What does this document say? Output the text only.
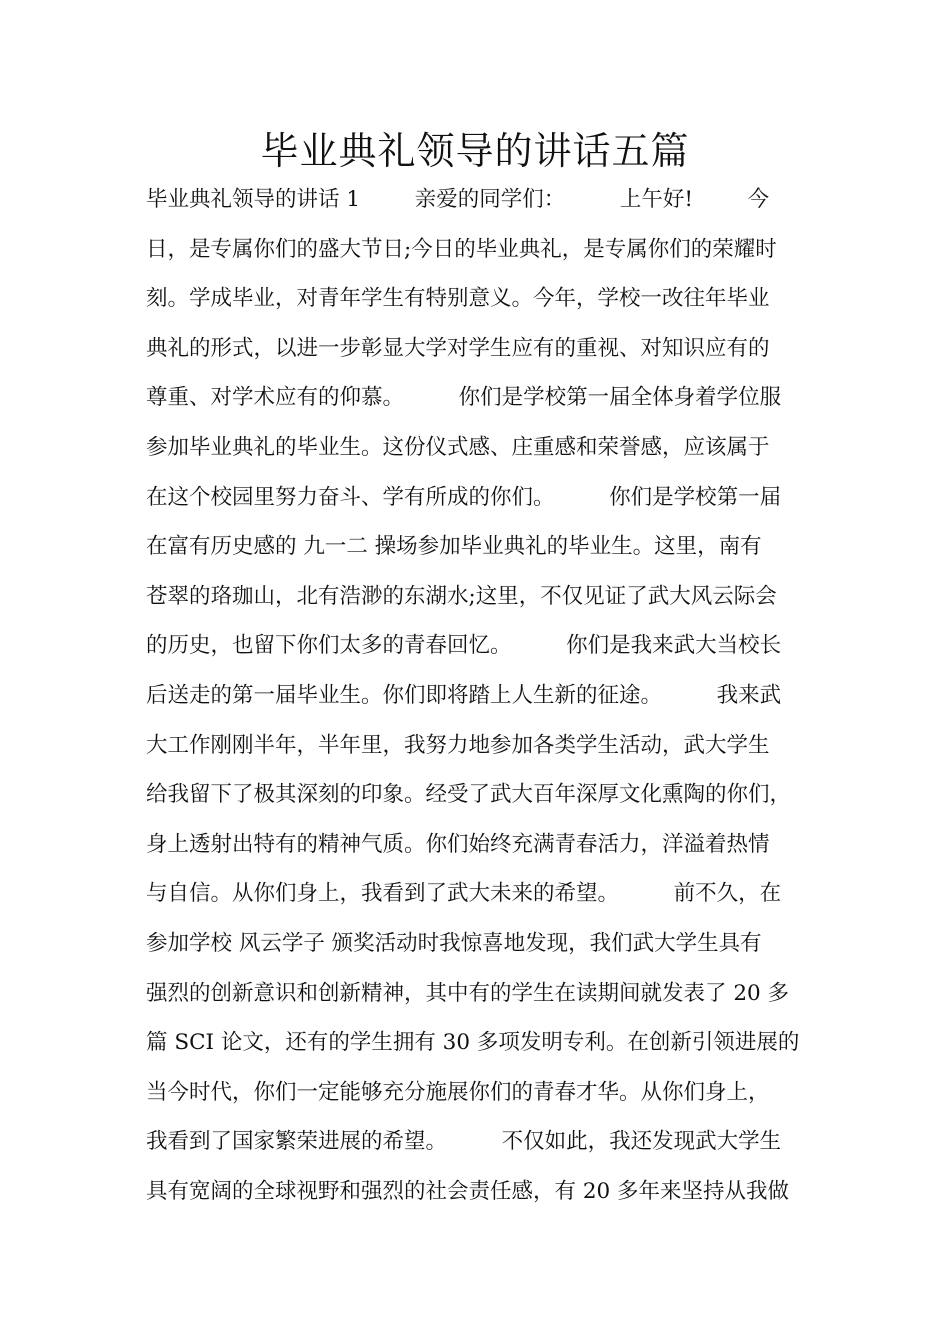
毕业典礼领导的讲话五篇
毕业典礼领导的讲话 1        亲爱的同学们：        上午好!        今
日，是专属你们的盛大节日;今日的毕业典礼，是专属你们的荣耀时
刻。学成毕业，对青年学生有特别意义。今年，学校一改往年毕业
典礼的形式，以进一步彰显大学对学生应有的重视、对知识应有的
尊重、对学术应有的仰慕。        你们是学校第一届全体身着学位服
参加毕业典礼的毕业生。这份仪式感、庄重感和荣誉感，应该属于
在这个校园里努力奋斗、学有所成的你们。        你们是学校第一届
在富有历史感的 九一二 操场参加毕业典礼的毕业生。这里，南有
苍翠的珞珈山，北有浩渺的东湖水;这里，不仅见证了武大风云际会
的历史，也留下你们太多的青春回忆。        你们是我来武大当校长
后送走的第一届毕业生。你们即将踏上人生新的征途。        我来武
大工作刚刚半年，半年里，我努力地参加各类学生活动，武大学生
给我留下了极其深刻的印象。经受了武大百年深厚文化熏陶的你们，
身上透射出特有的精神气质。你们始终充满青春活力，洋溢着热情
与自信。从你们身上，我看到了武大未来的希望。        前不久，在
参加学校 风云学子 颁奖活动时我惊喜地发现，我们武大学生具有
强烈的创新意识和创新精神，其中有的学生在读期间就发表了 20 多
篇 SCI 论文，还有的学生拥有 30 多项发明专利。在创新引领进展的
当今时代，你们一定能够充分施展你们的青春才华。从你们身上，
我看到了国家繁荣进展的希望。        不仅如此，我还发现武大学生
具有宽阔的全球视野和强烈的社会责任感，有 20 多年来坚持从我做
